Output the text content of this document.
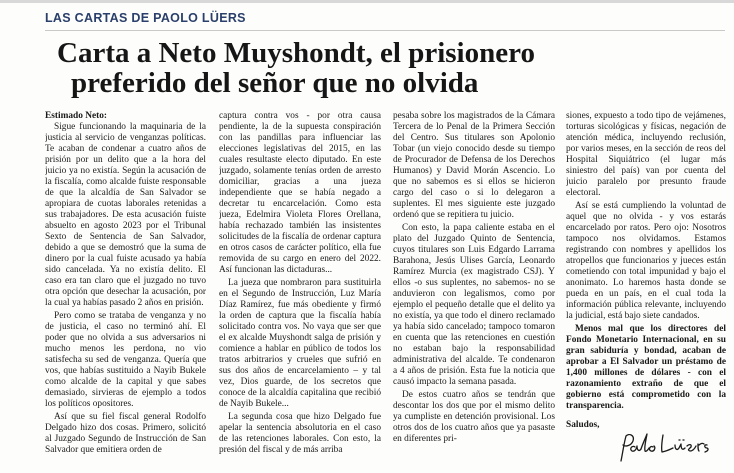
LAS CARTAS DE PAOLO LÜERS
Carta a Neto Muyshondt, el prisionero
preferido del señor que no olvida

Estimado Neto:

Sigue funcionando la maquinaria de la justicia al servicio de venganzas políticas. Te acaban de condenar a cuatro años de prisión por un delito que a la hora del juicio ya no existía. Según la acusación de la fiscalía, como alcalde fuiste responsable de que la alcaldía de San Salvador se apropiara de cuotas laborales retenidas a sus trabajadores. De esta acusación fuiste absuelto en agosto 2023 por el Tribunal Sexto de Sentencia de San Salvador, debido a que se demostró que la suma de dinero por la cual fuiste acusado ya había sido cancelada. Ya no existía delito. El caso era tan claro que el juzgado no tuvo otra opción que desechar la acusación, por la cual ya habías pasado 2 años en prisión.

Pero como se trataba de venganza y no de justicia, el caso no terminó ahí. El poder que no olvida a sus adversarios ni mucho menos les perdona, no vio satisfecha su sed de venganza. Quería que vos, que habías sustituido a Nayib Bukele como alcalde de la capital y que sabes demasiado, sirvieras de ejemplo a todos los políticos opositores.

Así que su fiel fiscal general Rodolfo Delgado hizo dos cosas. Primero, solicitó al Juzgado Segundo de Instrucción de San Salvador que emitiera orden de

captura contra vos - por otra causa pendiente, la de la supuesta conspiración con las pandillas para influenciar las elecciones legislativas del 2015, en las cuales resultaste electo diputado. En este juzgado, solamente tenías orden de arresto domiciliar, gracias a una jueza independiente que se había negado a decretar tu encarcelación. Como esta jueza, Edelmira Violeta Flores Orellana, había rechazado también las insistentes solicitudes de la fiscalía de ordenar captura en otros casos de carácter político, ella fue removida de su cargo en enero del 2022. Así funcionan las dictaduras...

La jueza que nombraron para sustituirla en el Segundo de Instrucción, Luz María Díaz Ramírez, fue más obediente y firmó la orden de captura que la fiscalía había solicitado contra vos. No vaya que ser que el ex alcalde Muyshondt salga de prisión y comience a hablar en público de todos los tratos arbitrarios y crueles que sufrió en sus dos años de encarcelamiento – y tal vez, Dios guarde, de los secretos que conoce de la alcaldía capitalina que recibió de Nayib Bukele...

La segunda cosa que hizo Delgado fue apelar la sentencia absolutoria en el caso de las retenciones laborales. Con esto, la presión del fiscal y de más arriba

pesaba sobre los magistrados de la Cámara Tercera de lo Penal de la Primera Sección del Centro. Sus titulares son Apolonio Tobar (un viejo conocido desde su tiempo de Procurador de Defensa de los Derechos Humanos) y David Morán Ascencio. Lo que no sabemos es si ellos se hicieron cargo del caso o si lo delegaron a suplentes. El mes siguiente este juzgado ordenó que se repitiera tu juicio.

Con esto, la papa caliente estaba en el plato del Juzgado Quinto de Sentencia, cuyos titulares son Luis Edgardo Larrama Barahona, Jesús Ulises García, Leonardo Ramírez Murcia (ex magistrado CSJ). Y ellos -o sus suplentes, no sabemos- no se anduvieron con legalismos, como por ejemplo el pequeño detalle que el delito ya no existía, ya que todo el dinero reclamado ya había sido cancelado; tampoco tomaron en cuenta que las retenciones en cuestión no estaban bajo la responsabilidad administrativa del alcalde. Te condenaron a 4 años de prisión. Esta fue la noticia que causó impacto la semana pasada.

De estos cuatro años se tendrán que descontar los dos que por el mismo delito ya cumpliste en detención provisional. Los otros dos de los cuatro años que ya pasaste en diferentes pri-

siones, expuesto a todo tipo de vejámenes, torturas sicológicas y físicas, negación de atención médica, incluyendo reclusión, por varios meses, en la sección de reos del Hospital Siquiátrico (el lugar más siniestro del país) van por cuenta del juicio paralelo por presunto fraude electoral.

Así se está cumpliendo la voluntad de aquel que no olvida - y vos estarás encarcelado por ratos. Pero ojo: Nosotros tampoco nos olvidamos. Estamos registrando con nombres y apellidos los atropellos que funcionarios y jueces están cometiendo con total impunidad y bajo el anonimato. Lo haremos hasta donde se pueda en un país, en el cual toda la información pública relevante, incluyendo la judicial, está bajo siete candados.

Menos mal que los directores del Fondo Monetario Internacional, en su gran sabiduría y bondad, acaban de aprobar a El Salvador un préstamo de 1,400 millones de dólares - con el razonamiento extraño de que el gobierno está comprometido con la transparencia.

Saludos,
